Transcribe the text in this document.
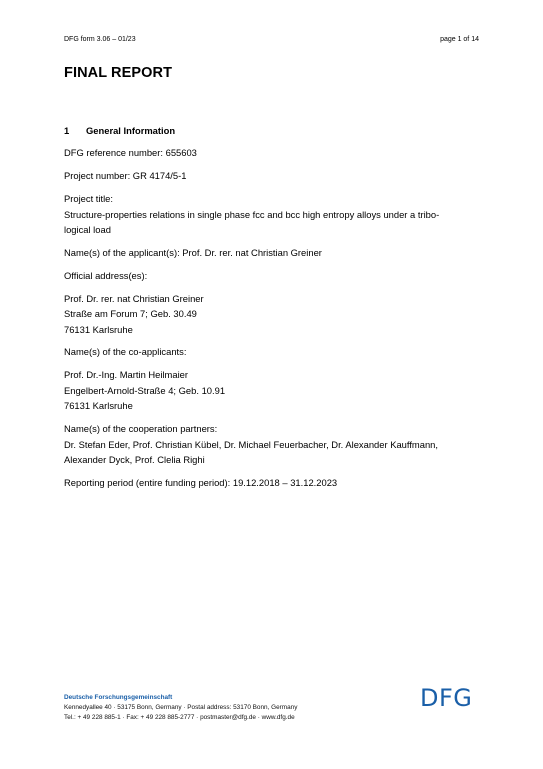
DFG form 3.06 – 01/23	page 1 of 14
FINAL REPORT
1 General Information
DFG reference number: 655603
Project number: GR 4174/5-1
Project title:
Structure-properties relations in single phase fcc and bcc high entropy alloys under a tribo-
logical load
Name(s) of the applicant(s): Prof. Dr. rer. nat Christian Greiner
Official address(es):
Prof. Dr. rer. nat Christian Greiner
Straße am Forum 7; Geb. 30.49
76131 Karlsruhe
Name(s) of the co-applicants:
Prof. Dr.-Ing. Martin Heilmaier
Engelbert-Arnold-Straße 4; Geb. 10.91
76131 Karlsruhe
Name(s) of the cooperation partners:
Dr. Stefan Eder, Prof. Christian Kübel, Dr. Michael Feuerbacher, Dr. Alexander Kauffmann,
Alexander Dyck, Prof. Clelia Righi
Reporting period (entire funding period): 19.12.2018 – 31.12.2023
Deutsche Forschungsgemeinschaft
Kennedyallee 40 · 53175 Bonn, Germany · Postal address: 53170 Bonn, Germany
Tel.: + 49 228 885-1 · Fax: + 49 228 885-2777 · postmaster@dfg.de · www.dfg.de
DFG
